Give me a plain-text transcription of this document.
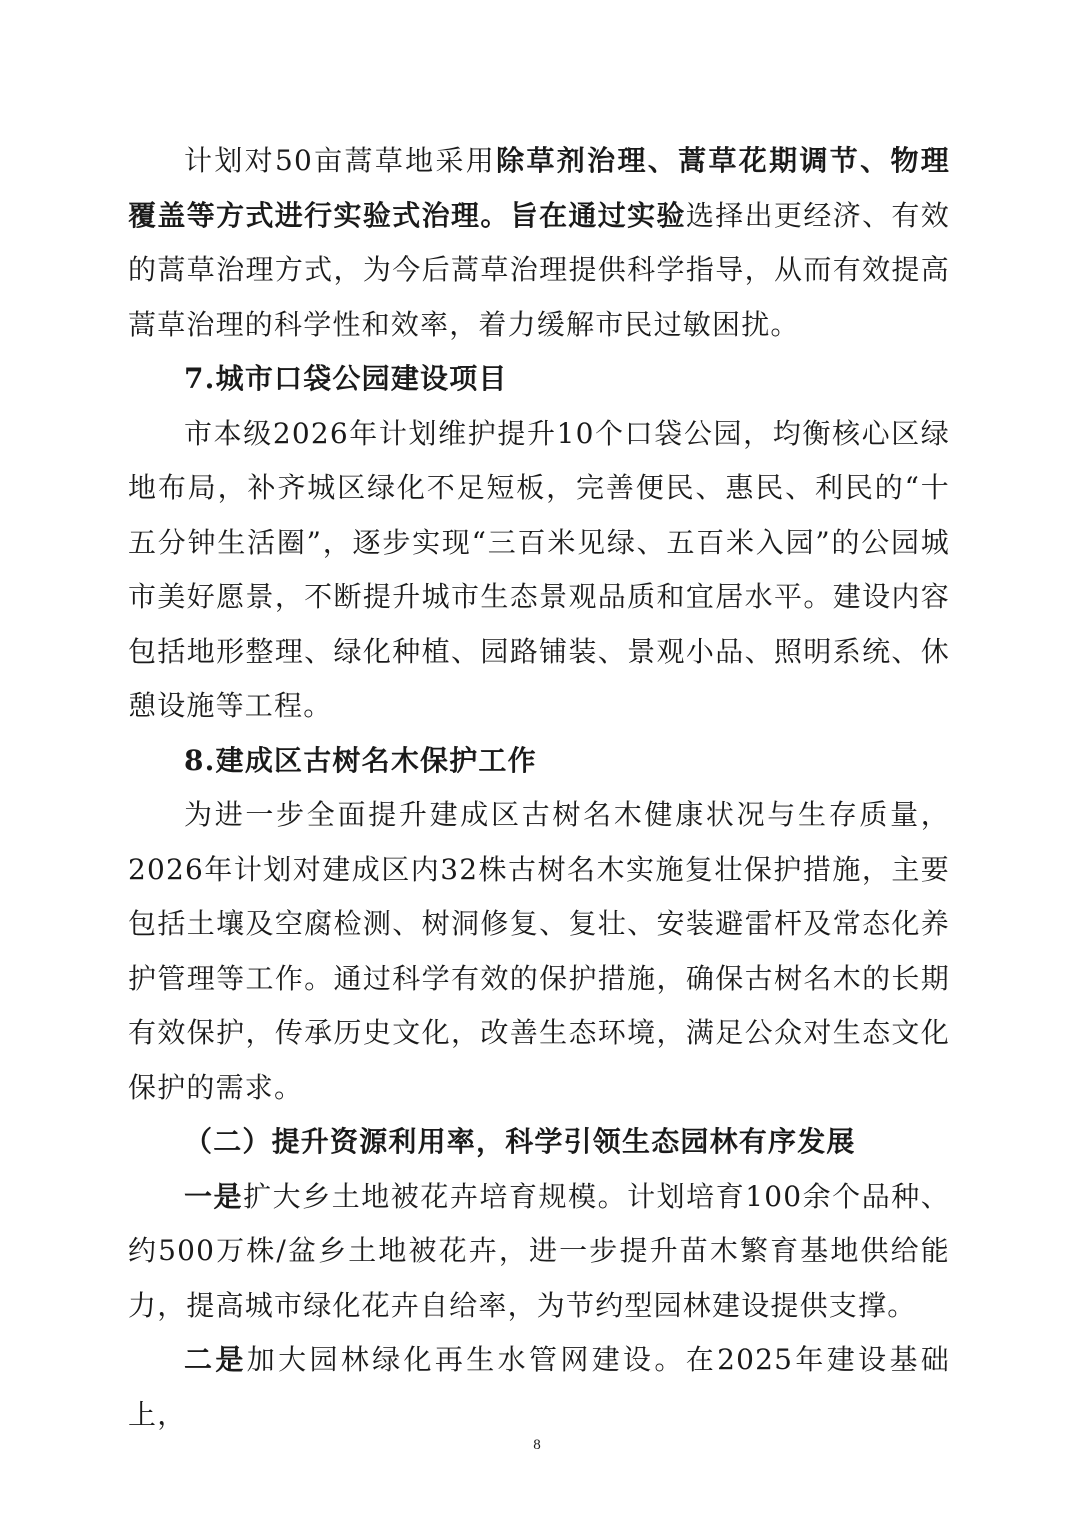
计划对50亩蒿草地采用除草剂治理、蒿草花期调节、物理覆盖等方式进行实验式治理。旨在通过实验选择出更经济、有效的蒿草治理方式，为今后蒿草治理提供科学指导，从而有效提高蒿草治理的科学性和效率，着力缓解市民过敏困扰。

7.城市口袋公园建设项目

市本级2026年计划维护提升10个口袋公园，均衡核心区绿地布局，补齐城区绿化不足短板，完善便民、惠民、利民的“十五分钟生活圈”，逐步实现“三百米见绿、五百米入园”的公园城市美好愿景，不断提升城市生态景观品质和宜居水平。建设内容包括地形整理、绿化种植、园路铺装、景观小品、照明系统、休憩设施等工程。

8.建成区古树名木保护工作

为进一步全面提升建成区古树名木健康状况与生存质量，2026年计划对建成区内32株古树名木实施复壮保护措施，主要包括土壤及空腐检测、树洞修复、复壮、安装避雷杆及常态化养护管理等工作。通过科学有效的保护措施，确保古树名木的长期有效保护，传承历史文化，改善生态环境，满足公众对生态文化保护的需求。

（二）提升资源利用率，科学引领生态园林有序发展

一是扩大乡土地被花卉培育规模。计划培育100余个品种、约500万株/盆乡土地被花卉，进一步提升苗木繁育基地供给能力，提高城市绿化花卉自给率，为节约型园林建设提供支撑。

二是加大园林绿化再生水管网建设。在2025年建设基础上，

8
